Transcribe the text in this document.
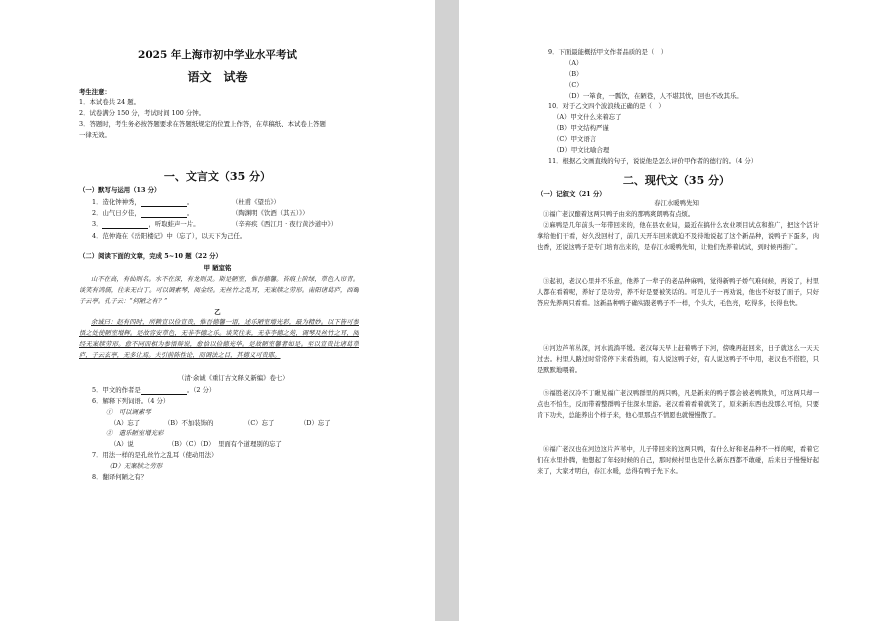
2025 年上海市初中学业水平考试
语文　试卷
考生注意：
1．本试卷共 24 题。
2．试卷满分 150 分，考试时间 100 分钟。
3．答题时，考生务必按答题要求在答题纸规定的位置上作答，在草稿纸、本试卷上答题
一律无效。
一、文言文（35 分）
（一）默写与运用（13 分）
1．造化钟神秀，	。	（杜甫《望岳》）
2．山气日夕佳，	。	（陶渊明《饮酒（其五）》）
3．	，听取蛙声一片。	（辛弃疾《西江月 · 夜行黄沙道中》）
4．范仲淹在《岳阳楼记》中（忘了），以天下为己任。
（二）阅读下面的文章，完成 5~10 题（22 分）
甲 陋室铭
山不在高，有仙则名。水不在深，有龙则灵。斯是陋室，惟吾德馨。苔痕上阶绿，草色入帘青。谈笑有鸿儒，往来无白丁。可以调素琴，阅金经。无丝竹之乱耳，无案牍之劳形。南阳诸葛庐，西蜀子云亭。孔子云：“何陋之有？”
乙
余诚曰：赵有四时，所赖宣以俭宣贵，惟吾德馨一语，述乐陋室增光彩，最为精妙。以下皆可参悟之处使陋室增辉。是故容安草色，无非李德之乐。谈笑往来，无非李德之苑，调琴及丝竹之耳，阅经无案牍劳形。愈不同而相为参悟辩说，愈恰以俭德光华。是故陋室馨者如是。至以宣贵比诸葛草庐，子云玄亭，无多让焉。夫引前陈性论，而调法之目，其德义可贵耶。
（清·余诚《重订古文释义新编》卷七）
5．甲文的作者是	。（2 分）
6．解释下列词语。（4 分）
①　可以调素琴
（A）忘了	（B）不加装饰的	（C）忘了	（D）忘了
②　遣乐陋室增光彩
（A）说	（B）（C）（D） 里面有个道理别的忘了
7．用法一样的是孔丝竹之乱耳（使动用法）
（D）无案牍之劳形
8．翻译何陋之有？
9．下面最能概括甲文作者品质的是（　）
（A）
（B）
（C）
（D）一箪食，一瓢饮，在陋巷，人不堪其忧，回也不改其乐。
10．对于乙文四个波浪线正确的是（　）
（A）甲文什么来着忘了
（B）甲文结构严谨
（C）甲文语言
（D）甲文比喻合理
11．根据乙文画直线的句子，说说他是怎么评价甲作者的德行的。（4 分）
二、现代文（35 分）
（一）记叙文（21 分）
春江水暖鸭先知
①福广老汉酿着这两只鸭子由来的那鸭爽朗鸭有点烦。
②麻鸭是几年前头一年带回来的，他在县农业局，最近在搞什么农业项目试点和推广，把这个活计拿给他们干看，好久没回村了，前几天开车回来就迫不及待地说起了这个新品种，说鸭子下蛋多，肉也香，还说这鸭子是专门培育出来的，是春江水暖鸭先知，让他们先养着试试，到时候再推广。
③起初，老汉心里并不乐意，他养了一辈子的老品种麻鸭，觉得新鸭子娇气难伺候，再说了，村里人都在看着呢，养好了是功劳，养不好是要被笑话的。可是儿子一再劝说，他也不好驳了面子，只好答应先养两只看看。这新品种鸭子确实跟老鸭子不一样，个头大，毛色亮，吃得多，长得也快。
④河边芦苇丛深，河水流淌平缓。老汉每天早上赶着鸭子下河，傍晚再赶回来，日子就这么一天天过去。村里人路过时常常停下来看热闹，有人说这鸭子好，有人说这鸭子不中用，老汉也不搭腔，只是默默地喂着。
⑤福胜老汉冷不丁瞅见福广老汉鸭群里的两只鸭，凡是新来的鸭子都会被老鸭欺负，可这两只却一点也不怕生，反而带着整群鸭子往深水里游。老汉看着看着就笑了，原来新东西也没那么可怕，只要肯下功夫，总能养出个样子来，他心里那点不情愿也就慢慢散了。
⑥福广老汉也在河边这片芦苇中，儿子带回来的这两只鸭，有什么好和老品种不一样的呢，看着它们在水里扑腾，他想起了年轻时候的自己，那时候村里也是什么新东西都不敢碰，后来日子慢慢好起来了，大家才明白，春江水暖，总得有鸭子先下水。
